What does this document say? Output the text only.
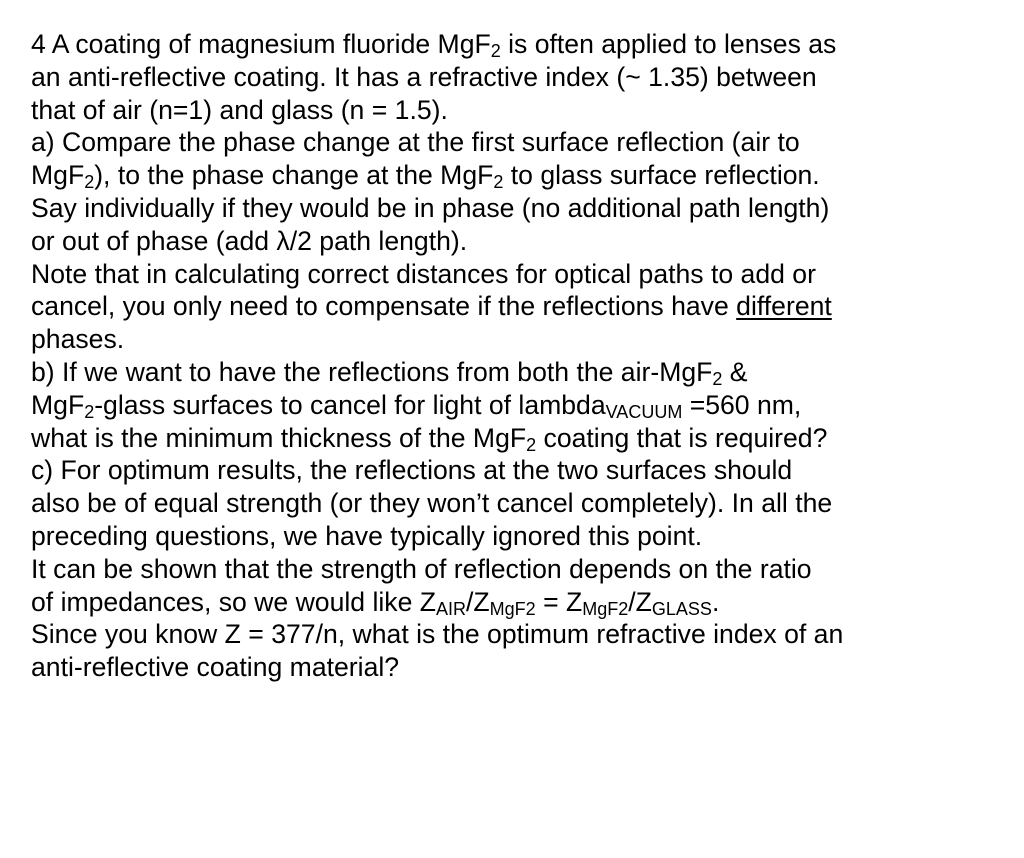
4 A coating of magnesium fluoride MgF$_2$ is often applied to lenses as
an anti-reflective coating. It has a refractive index (~ 1.35) between
that of air (n=1) and glass (n = 1.5).
a) Compare the phase change at the first surface reflection (air to
MgF$_2$), to the phase change at the MgF$_2$ to glass surface reflection.
Say individually if they would be in phase (no additional path length)
or out of phase (add λ/2 path length).
Note that in calculating correct distances for optical paths to add or
cancel, you only need to compensate if the reflections have different
phases.
b) If we want to have the reflections from both the air-MgF$_2$ &
MgF$_2$-glass surfaces to cancel for light of lambda$_{VACUUM}$ =560 nm,
what is the minimum thickness of the MgF$_2$ coating that is required?
c) For optimum results, the reflections at the two surfaces should
also be of equal strength (or they won’t cancel completely). In all the
preceding questions, we have typically ignored this point.
It can be shown that the strength of reflection depends on the ratio
of impedances, so we would like $Z_{AIR}/Z_{MgF2} = Z_{MgF2}/Z_{GLASS}$.
Since you know Z = 377/n, what is the optimum refractive index of an
anti-reflective coating material?
